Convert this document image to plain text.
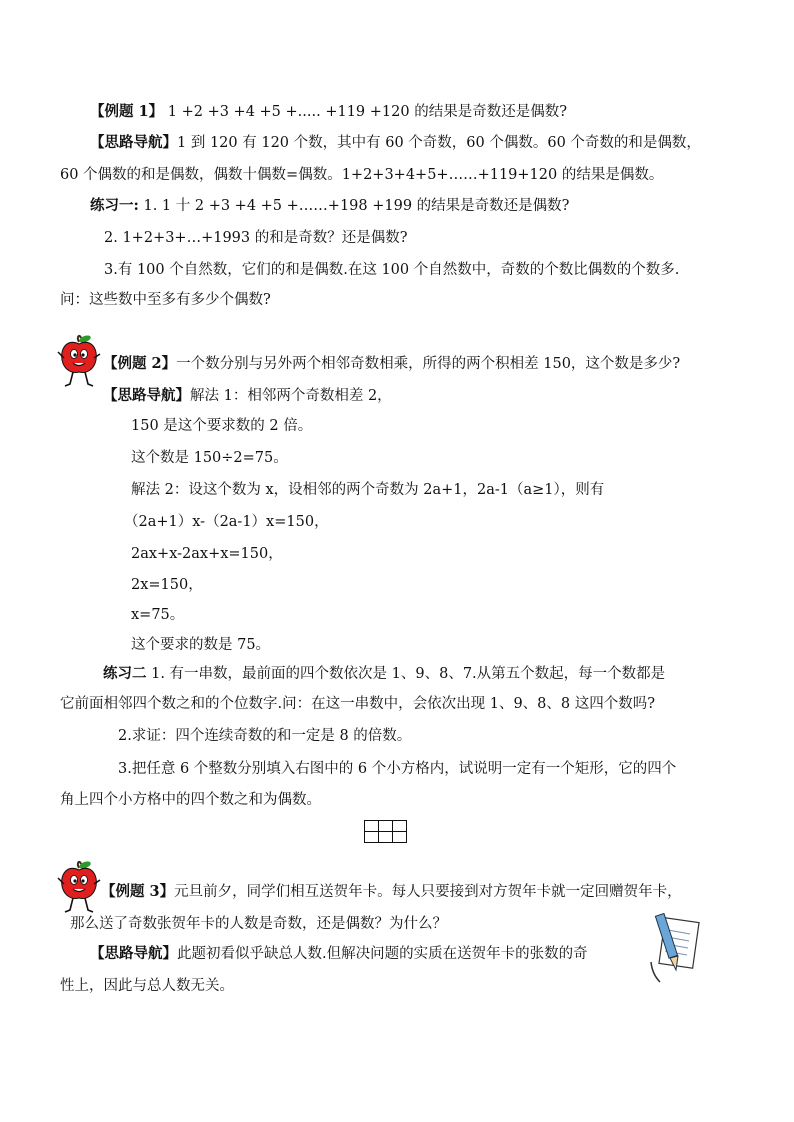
【例题 1】 1 +2 +3 +4 +5 +..... +119 +120 的结果是奇数还是偶数?
【思路导航】1 到 120 有 120 个数，其中有 60 个奇数，60 个偶数。60 个奇数的和是偶数，
60 个偶数的和是偶数，偶数十偶数=偶数。1+2+3+4+5+……+119+120 的结果是偶数。
练习一: 1. 1 十 2 +3 +4 +5 +……+198 +199 的结果是奇数还是偶数?
2. 1+2+3+…+1993 的和是奇数？还是偶数?
3.有 100 个自然数，它们的和是偶数.在这 100 个自然数中，奇数的个数比偶数的个数多.
问：这些数中至多有多少个偶数?
【例题 2】一个数分别与另外两个相邻奇数相乘，所得的两个积相差 150，这个数是多少?
【思路导航】解法 1：相邻两个奇数相差 2，
150 是这个要求数的 2 倍。
这个数是 150÷2=75。
解法 2：设这个数为 x，设相邻的两个奇数为 2a+1，2a-1（a≥1），则有
（2a+1）x-（2a-1）x=150，
2ax+x-2ax+x=150，
2x=150，
x=75。
这个要求的数是 75。
练习二 1. 有一串数，最前面的四个数依次是 1、9、8、7.从第五个数起，每一个数都是
它前面相邻四个数之和的个位数字.问：在这一串数中，会依次出现 1、9、8、8 这四个数吗?
2.求证：四个连续奇数的和一定是 8 的倍数。
3.把任意 6 个整数分别填入右图中的 6 个小方格内，试说明一定有一个矩形，它的四个
角上四个小方格中的四个数之和为偶数。

【例题 3】元旦前夕，同学们相互送贺年卡。每人只要接到对方贺年卡就一定回赠贺年卡，
那么送了奇数张贺年卡的人数是奇数，还是偶数？为什么？
【思路导航】此题初看似乎缺总人数.但解决问题的实质在送贺年卡的张数的奇
性上，因此与总人数无关。
